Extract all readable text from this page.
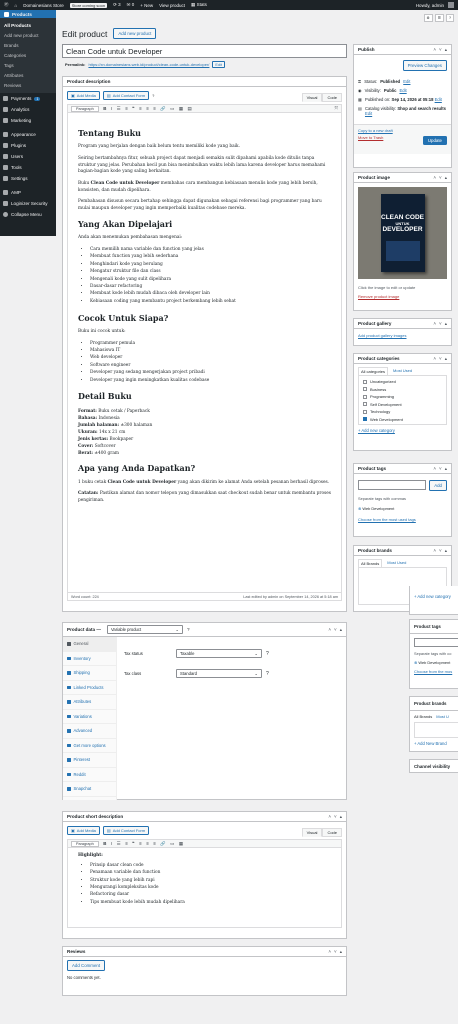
Ⓦ ⌂ Domainesians Store	Store coming soon	⟳ 3 ✉ 0 + New View product ▦ Stats	Howdy, admin
Products
All Products
Add new product
Brands
Categories
Tags
Attributes
Reviews
Payments	1
Analytics
Marketing
Appearance
Plugins
Users
Tools
Settings
AMP
Loginizer Security
Collapse Menu
⚙	☰	?
Edit product	Add new product
Clean Code untuk Developer
Permalink: https://xn.domainesians.web.id/product/clean-code-untuk-developer/	Edit
Product description
▣ Add Media	▤ Add Contact Form ?	Visual	Code
Paragraph	B I ☰ ≡ ❝ ≡ ≡ ≡ 🔗 ▭ ▦ ▤	⤧
Tentang Buku

Program yang berjalan dengan baik belum tentu memiliki kode yang baik.

Seiring bertambahnya fitur, sebuah project dapat menjadi semakin sulit dipahami apabila kode ditulis tanpa struktur yang jelas. Perubahan kecil pun bisa menimbulkan waktu lebih lama karena developer harus memahami bagian-bagian kode yang saling berkaitan.

Buku Clean Code untuk Developer membahas cara membangun kebiasaan menulis kode yang lebih bersih, konsisten, dan mudah dipelihara.

Pembahasan disusun secara bertahap sehingga dapat digunakan sebagai referensi bagi programmer yang baru mulai maupun developer yang ingin memperbaiki kualitas codebase mereka.

Yang Akan Dipelajari

Anda akan menemukan pembahasan mengenai:

• Cara memilih nama variable dan function yang jelas
• Membuat function yang lebih sederhana
• Menghindari kode yang berulang
• Mengatur struktur file dan class
• Mengenali kode yang sulit dipelihara
• Dasar-dasar refactoring
• Membuat kode lebih mudah dibaca oleh developer lain
• Kebiasaan coding yang membantu project berkembang lebih sehat
Cocok Untuk Siapa?

Buku ini cocok untuk:

• Programmer pemula
• Mahasiswa IT
• Web developer
• Software engineer
• Developer yang sedang mengerjakan project pribadi
• Developer yang ingin meningkatkan kualitas codebase
Detail Buku

Format: Buku cetak / Paperback
Bahasa: Indonesia
Jumlah halaman: ±300 halaman
Ukuran: 14x x 21 cm
Jenis kertas: Bookpaper
Cover: Softcover
Berat: ±400 gram

Apa yang Anda Dapatkan?

1 buku cetak Clean Code untuk Developer yang akan dikirim ke alamat Anda setelah pesanan berhasil diproses.

Catatan: Pastikan alamat dan nomor telepon yang dimasukkan saat checkout sudah benar untuk membantu proses pengiriman.

Word count: 224	Last edited by admin on September 14, 2026 at 5:18 am
Publish	˄ ˅ ▴
Preview Changes
⚿ Status: Published Edit
◉ Visibility: Public Edit
▦ Published on: Sep 14, 2026 at 05:18 Edit
▤ Catalog visibility: Shop and search results Edit
Copy to a new draft
Move to Trash
Update
Product image	˄ ˅ ▴
CLEAN CODE
UNTUK
DEVELOPER
Click the image to edit or update
Remove product image
Product gallery	˄ ˅ ▴
Add product gallery images
Product categories	˄ ˅ ▴
All categories	Most Used
Uncategorized
Business
Programming
Self Development
Technology
Web Development
+ Add new category
Product tags	˄ ˅ ▴
Add
Separate tags with commas
⊗ Web Development
Choose from the most used tags
Product brands	˄ ˅ ▴
All Brands	Most Used
+ Add new category
Product tags
Separate tags with co
⊗ Web Development
Choose from the mos
Product brands
All Brands Most U
+ Add New Brand
Channel visibility
Product data — Variable product	⌄ ?	˄ ˅ ▴
General
Inventory
Shipping
Linked Products
Attributes
Variations
Advanced
Get more options
Pinterest
Reddit
Snapchat
Tax status	Taxable	⌄ ?
Tax class	Standard	⌄ ?
Product short description	˄ ˅ ▴
▣ Add Media	▤ Add Contact Form	Visual	Code
Paragraph	B I ☰ ≡ ❝ ≡ ≡ ≡ 🔗 ▭ ▦

Highlight:

• Prinsip dasar clean code
• Penamaan variable dan function
• Struktur kode yang lebih rapi
• Mengurangi kompleksitas kode
• Refactoring dasar
• Tips membuat kode lebih mudah dipelihara
Reviews	˄ ˅ ▴
Add Comment
No comments yet.
